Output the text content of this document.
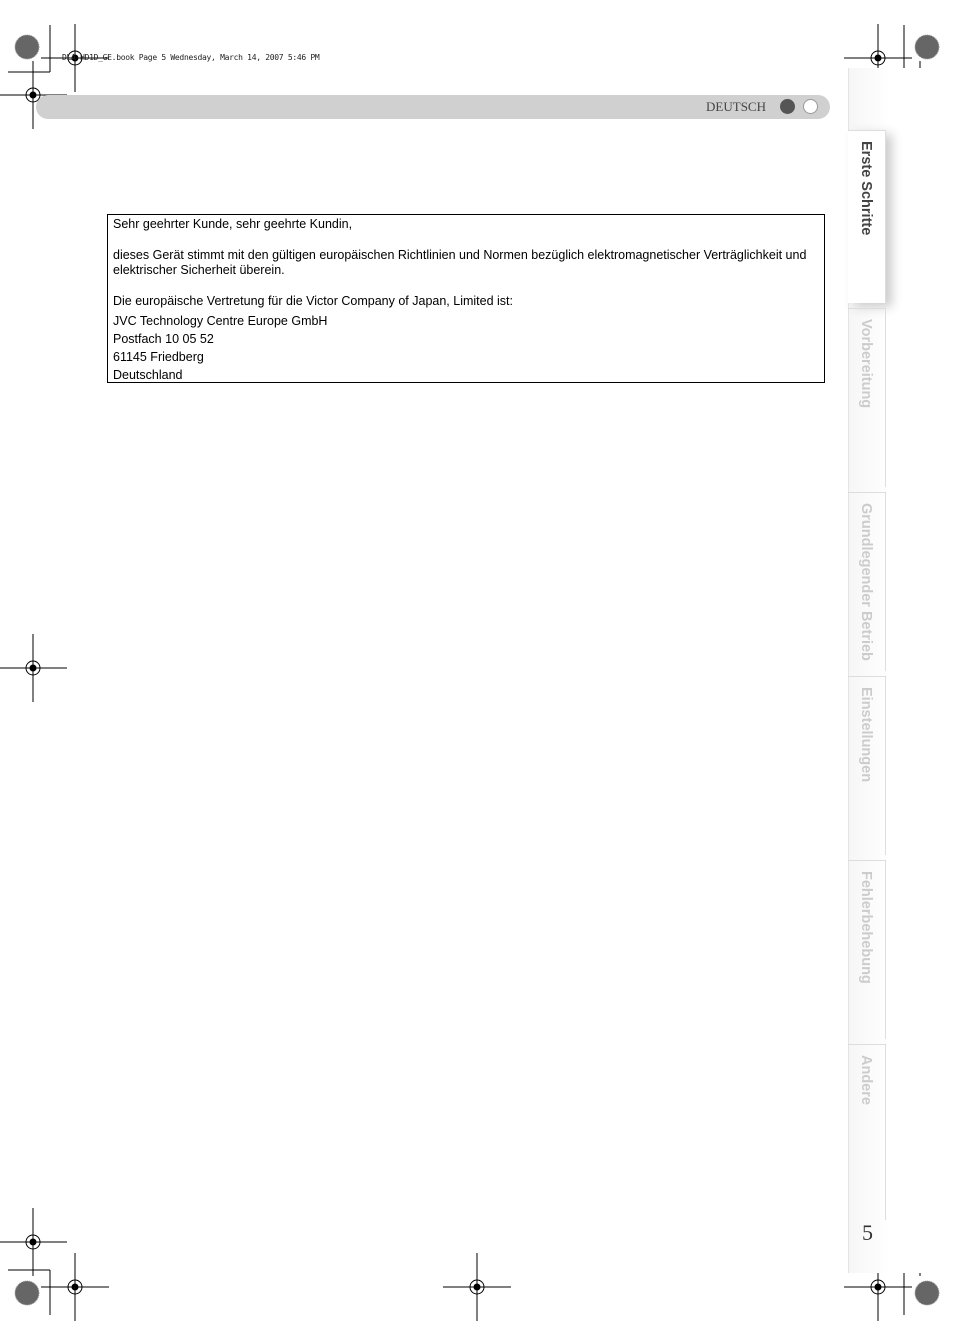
DLA-HD1D_GE.book Page 5 Wednesday, March 14, 2007 5:46 PM
DEUTSCH

Sehr geehrter Kunde, sehr geehrte Kundin,

dieses Gerät stimmt mit den gültigen europäischen Richtlinien und Normen bezüglich elektromagnetischer Verträglichkeit und elektrischer Sicherheit überein.

Die europäische Vertretung für die Victor Company of Japan, Limited ist:

JVC Technology Centre Europe GmbH

Postfach 10 05 52

61145 Friedberg

Deutschland

Erste Schritte
Vorbereitung
Grundlegender Betrieb
Einstellungen
Fehlerbehebung
Andere
5
